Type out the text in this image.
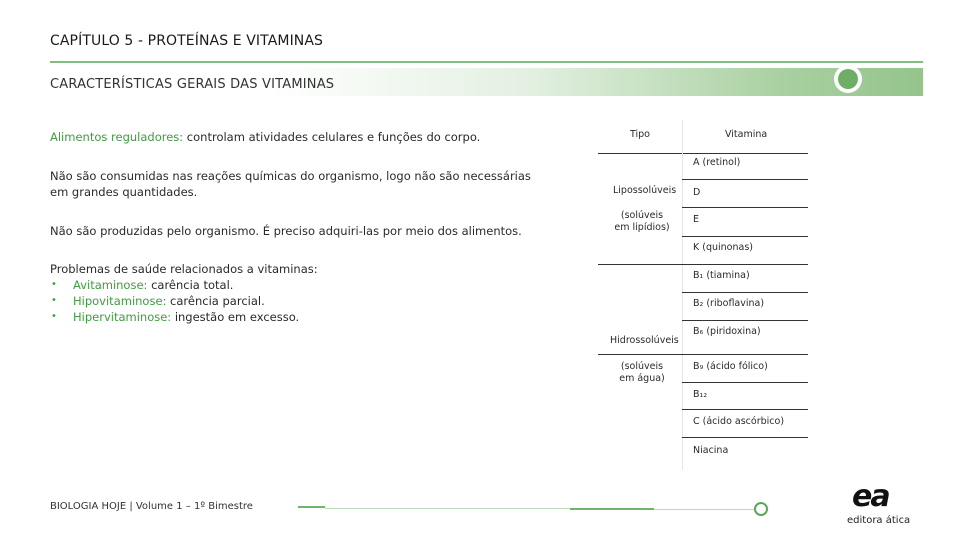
CAPÍTULO 5 - PROTEÍNAS E VITAMINAS
CARACTERÍSTICAS GERAIS DAS VITAMINAS
Alimentos reguladores: controlam atividades celulares e funções do corpo.
Não são consumidas nas reações químicas do organismo, logo não são necessárias em grandes quantidades.
Não são produzidas pelo organismo. É preciso adquiri-las por meio dos alimentos.
Problemas de saúde relacionados a vitaminas:
• Avitaminose: carência total.
• Hipovitaminose: carência parcial.
• Hipervitaminose: ingestão em excesso.
Tipo	Vitamina
Lipossolúveis
(solúveis em lipídios)
A (retinol)
D
E
K (quinonas)
Hidrossolúveis
(solúveis em água)
B₁ (tiamina)
B₂ (riboflavina)
B₆ (piridoxina)
B₉ (ácido fólico)
B₁₂
C (ácido ascórbico)
Niacina
BIOLOGIA HOJE | Volume 1 – 1º Bimestre	ea
editora ática
